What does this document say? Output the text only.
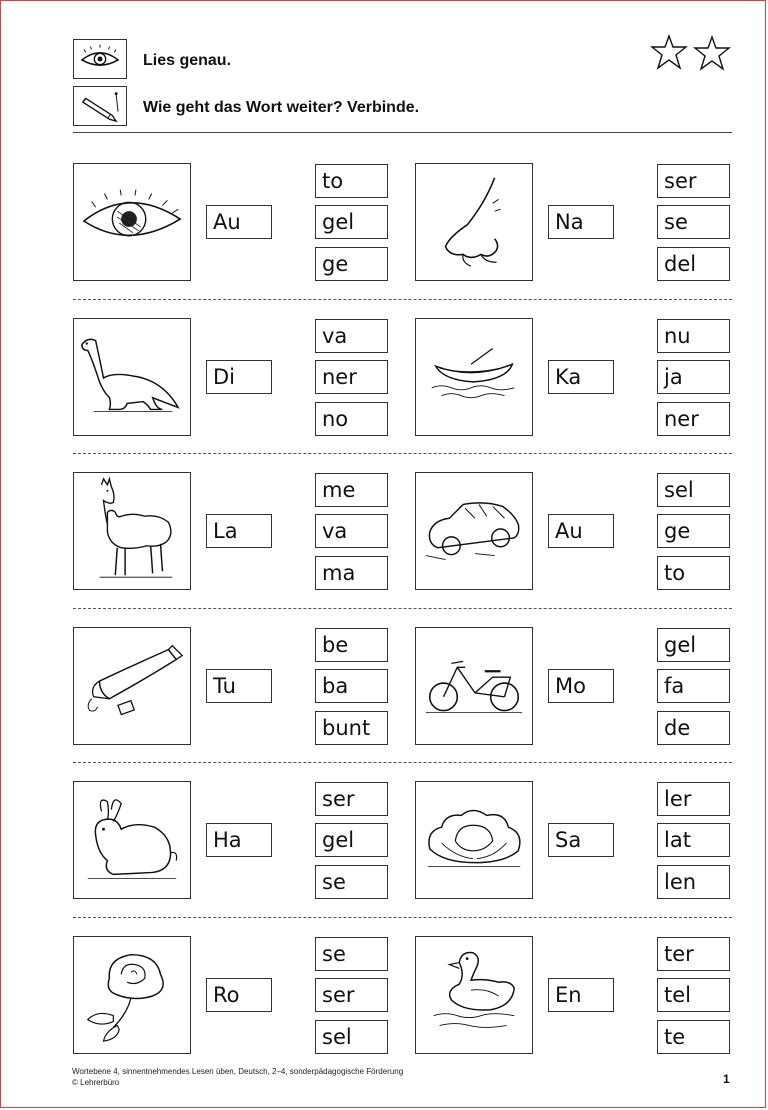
Lies genau.
Wie geht das Wort weiter? Verbinde.
Au
to
gel
ge
Na
ser
se
del
Di
va
ner
no
Ka
nu
ja
ner
La
me
va
ma
Au
sel
ge
to
Tu
be
ba
bunt
Mo
gel
fa
de
Ha
ser
gel
se
Sa
ler
lat
len
Ro
se
ser
sel
En
ter
tel
te
Wortebene 4, sinnentnehmendes Lesen üben, Deutsch, 2–4, sonderpädagogische Förderung
© Lehrerbüro	1
